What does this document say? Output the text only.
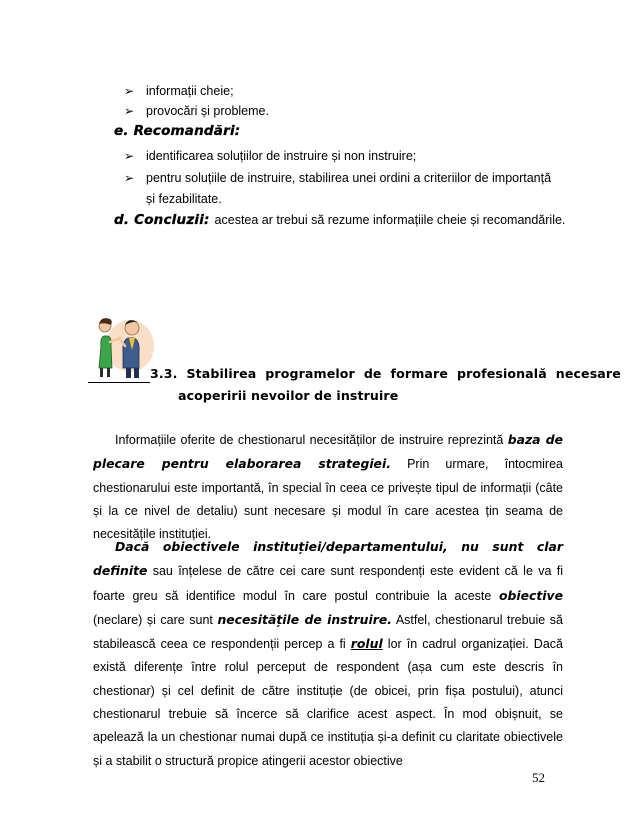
➢ informații cheie;
➢ provocări și probleme.
e. Recomandări:
➢ identificarea soluțiilor de instruire și non instruire;
➢ pentru soluțiile de instruire, stabilirea unei ordini a criteriilor de importanță
și fezabilitate.
d. Concluzii: acestea ar trebui să rezume informațiile cheie și recomandările.
3.3. Stabilirea programelor de formare profesională necesare
acoperirii nevoilor de instruire

Informațiile oferite de chestionarul necesităților de instruire reprezintă baza de plecare pentru elaborarea strategiei. Prin urmare, întocmirea chestionarului este importantă, în special în ceea ce privește tipul de informații (câte și la ce nivel de detaliu) sunt necesare și modul în care acestea țin seama de necesitățile instituției.

Dacă obiectivele instituției/departamentului, nu sunt clar definite sau înțelese de către cei care sunt respondenți este evident că le va fi foarte greu să identifice modul în care postul contribuie la aceste obiective (neclare) și care sunt necesitățile de instruire. Astfel, chestionarul trebuie să stabilească ceea ce respondenții percep a fi rolul lor în cadrul organizației. Dacă există diferențe între rolul perceput de respondent (așa cum este descris în chestionar) și cel definit de către instituție (de obicei, prin fișa postului), atunci chestionarul trebuie să încerce să clarifice acest aspect. În mod obișnuit, se apelează la un chestionar numai după ce instituția și-a definit cu claritate obiectivele și a stabilit o structură propice atingerii acestor obiective

52
